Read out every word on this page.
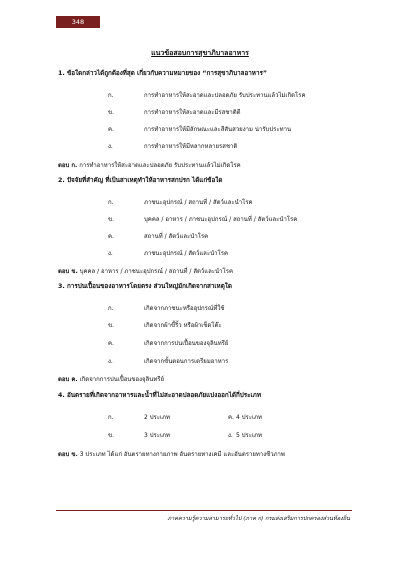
348
แนวข้อสอบการสุขาภิบาลอาหาร
1. ข้อใดกล่าวได้ถูกต้องที่สุด เกี่ยวกับความหมายของ “การสุขาภิบาลอาหาร”
ก.	การทำอาหารให้สะอาดและปลอดภัย รับประทานแล้วไม่เกิดโรค
ข.	การทำอาหารให้สะอาดและมีรสชาติดี
ค.	การทำอาหารให้มีลักษณะและสีสันสวยงาม น่ารับประทาน
ง.	การทำอาหารให้มีหลากหลายรสชาติ
ตอบ ก. การทำอาหารให้สะอาดและปลอดภัย รับประทานแล้วไม่เกิดโรค
2. ปัจจัยที่สำคัญ ที่เป็นสาเหตุทำให้อาหารสกปรก ได้แก่ข้อใด
ก.	ภาชนะอุปกรณ์ / สถานที่ / สัตว์และนำโรค
ข.	บุคคล / อาหาร / ภาชนะอุปกรณ์ / สถานที่ / สัตว์และนำโรค
ค.	สถานที่ / สัตว์และนำโรค
ง.	ภาชนะอุปกรณ์ / สัตว์และนำโรค
ตอบ ข. บุคคล / อาหาร / ภาชนะอุปกรณ์ / สถานที่ / สัตว์และนำโรค
3. การปนเปื้อนของอาหารโดยตรง ส่วนใหญ่มักเกิดจากสาเหตุใด
ก.	เกิดจากภาชนะหรืออุปกรณ์ที่ใช้
ข.	เกิดจากผ้าขี้ริ้ว หรือผ้าเช็ดโต๊ะ
ค.	เกิดจากการปนเปื้อนของจุลินทรีย์
ง.	เกิดจากขั้นตอนการเตรียมอาหาร
ตอบ ค. เกิดจากการปนเปื้อนของจุลินทรีย์
4. อันตรายที่เกิดจากอาหารและน้ำที่ไม่สะอาดปลอดภัยแบ่งออกได้กี่ประเภท
ก.	2 ประเภท	ค. 4 ประเภท
ข.	3 ประเภท	ง. 5 ประเภท
ตอบ ข. 3 ประเภท ได้แก่ อันตรายทางกายภาพ อันตรายทางเคมี และอันตรายทางชีวภาพ
ภาคความรู้ความสามารถทั่วไป (ภาค ก) กรมส่งเสริมการปกครองส่วนท้องถิ่น
